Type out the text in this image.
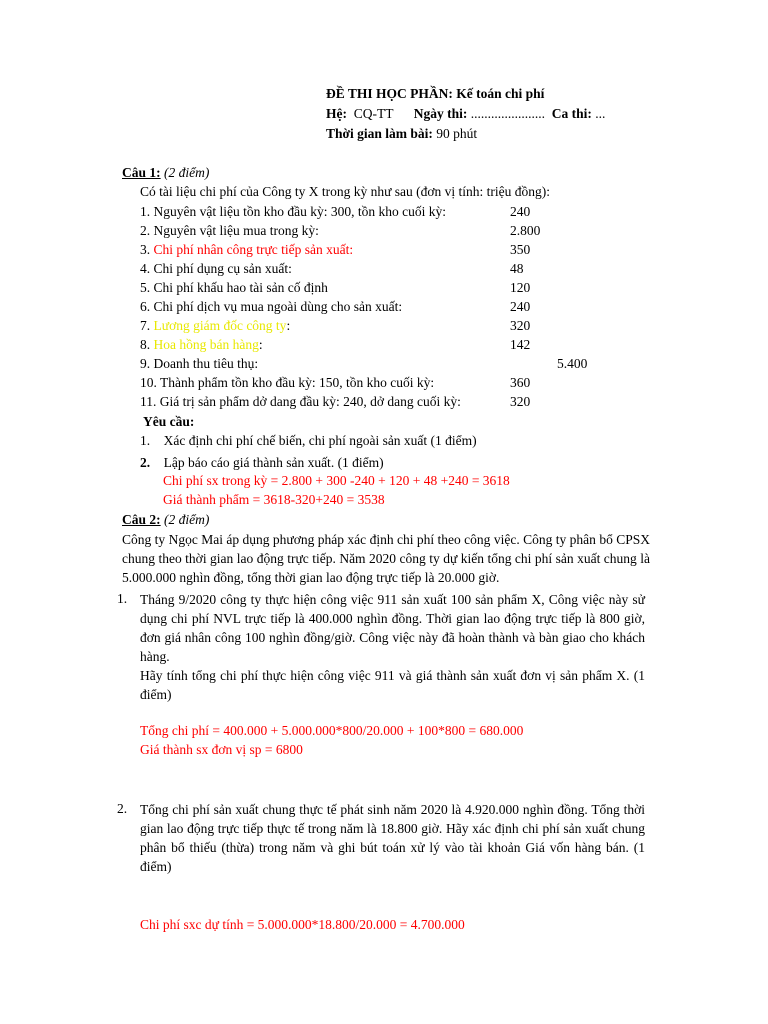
ĐỀ THI HỌC PHẦN: Kế toán chi phí
Hệ: CQ-TT Ngày thi: ...................... Ca thi: ...
Thời gian làm bài: 90 phút
Câu 1: (2 điểm)
Có tài liệu chi phí của Công ty X trong kỳ như sau (đơn vị tính: triệu đồng):
1. Nguyên vật liệu tồn kho đầu kỳ: 300, tồn kho cuối kỳ:	240
2. Nguyên vật liệu mua trong kỳ:	2.800
3. Chi phí nhân công trực tiếp sản xuất:	350
4. Chi phí dụng cụ sản xuất:	48
5. Chi phí khấu hao tài sản cố định	120
6. Chi phí dịch vụ mua ngoài dùng cho sản xuất:	240
7. Lương giám đốc công ty:	320
8. Hoa hồng bán hàng:	142
9. Doanh thu tiêu thụ:	5.400
10. Thành phẩm tồn kho đầu kỳ: 150, tồn kho cuối kỳ:	360
11. Giá trị sản phẩm dở dang đầu kỳ: 240, dở dang cuối kỳ:	320
Yêu cầu:
1. Xác định chi phí chế biến, chi phí ngoài sản xuất (1 điểm)
2. Lập báo cáo giá thành sản xuất. (1 điểm)
Chi phí sx trong kỳ = 2.800 + 300 -240 + 120 + 48 +240 = 3618
Giá thành phẩm = 3618-320+240 = 3538
Câu 2: (2 điểm)
Công ty Ngọc Mai áp dụng phương pháp xác định chi phí theo công việc. Công ty phân bổ CPSX chung theo thời gian lao động trực tiếp. Năm 2020 công ty dự kiến tổng chi phí sản xuất chung là 5.000.000 nghìn đồng, tổng thời gian lao động trực tiếp là 20.000 giờ.
1. Tháng 9/2020 công ty thực hiện công việc 911 sản xuất 100 sản phẩm X, Công việc này sử dụng chi phí NVL trực tiếp là 400.000 nghìn đồng. Thời gian lao động trực tiếp là 800 giờ, đơn giá nhân công 100 nghìn đồng/giờ. Công việc này đã hoàn thành và bàn giao cho khách hàng.
Hãy tính tổng chi phí thực hiện công việc 911 và giá thành sản xuất đơn vị sản phẩm X. (1 điểm)
Tổng chi phí = 400.000 + 5.000.000*800/20.000 + 100*800 = 680.000
Giá thành sx đơn vị sp = 6800
2. Tổng chi phí sản xuất chung thực tế phát sinh năm 2020 là 4.920.000 nghìn đồng. Tổng thời gian lao động trực tiếp thực tế trong năm là 18.800 giờ. Hãy xác định chi phí sản xuất chung phân bổ thiếu (thừa) trong năm và ghi bút toán xử lý vào tài khoản Giá vốn hàng bán. (1 điểm)
Chi phí sxc dự tính = 5.000.000*18.800/20.000 = 4.700.000
